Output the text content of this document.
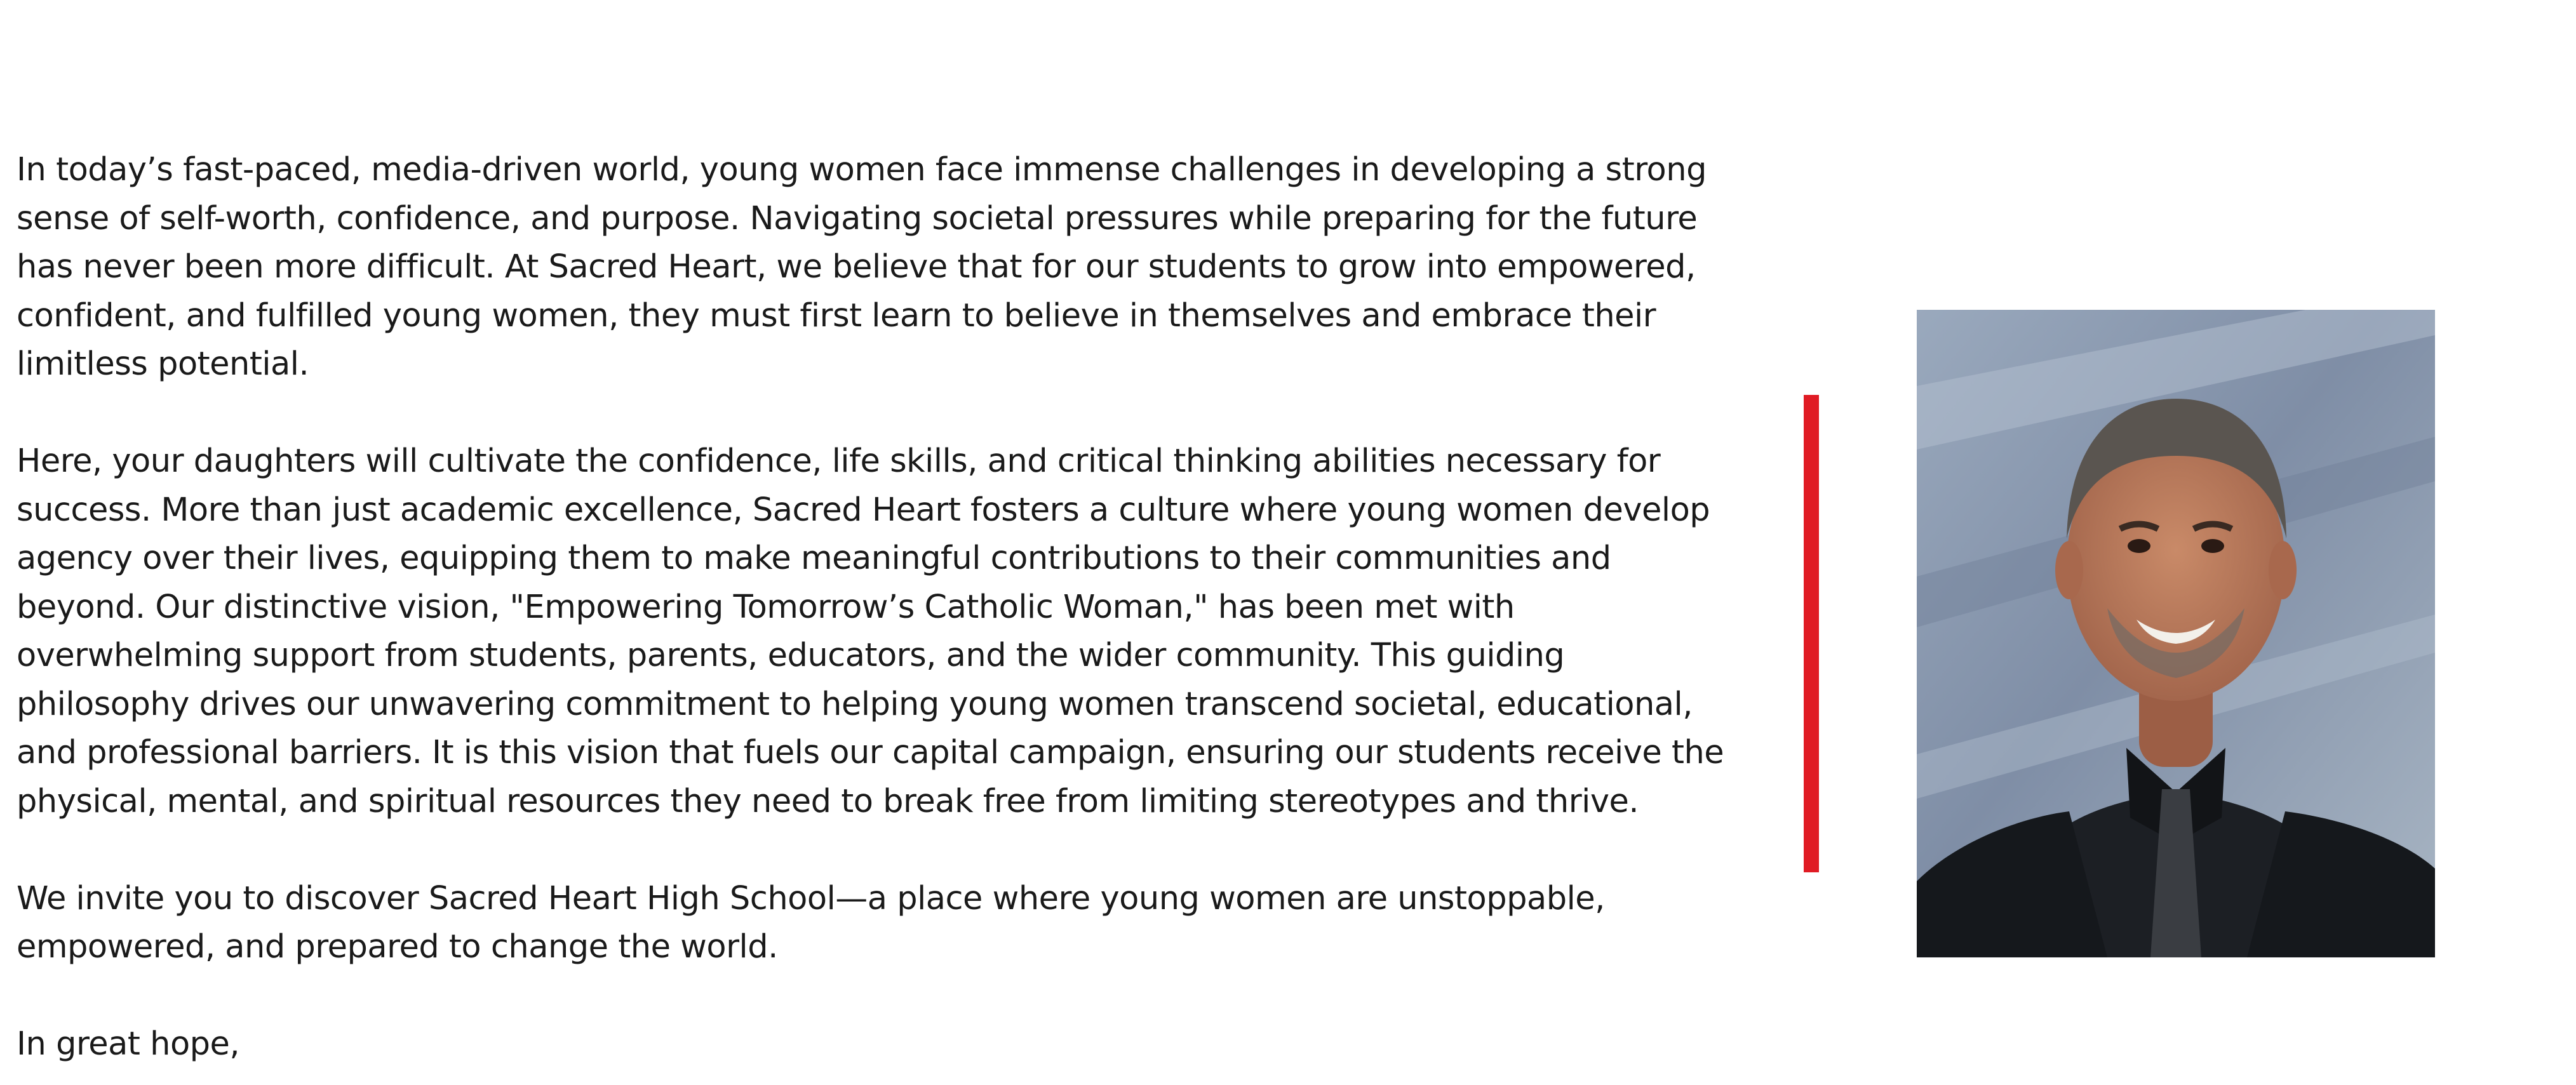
In today’s fast-paced, media-driven world, young women face immense challenges in developing a strong sense of self-worth, confidence, and purpose. Navigating societal pressures while preparing for the future has never been more difficult. At Sacred Heart, we believe that for our students to grow into empowered, confident, and fulfilled young women, they must first learn to believe in themselves and embrace their limitless potential.

Here, your daughters will cultivate the confidence, life skills, and critical thinking abilities necessary for success. More than just academic excellence, Sacred Heart fosters a culture where young women develop agency over their lives, equipping them to make meaningful contributions to their communities and beyond. Our distinctive vision, "Empowering Tomorrow’s Catholic Woman," has been met with overwhelming support from students, parents, educators, and the wider community. This guiding philosophy drives our unwavering commitment to helping young women transcend societal, educational, and professional barriers. It is this vision that fuels our capital campaign, ensuring our students receive the physical, mental, and spiritual resources they need to break free from limiting stereotypes and thrive.

We invite you to discover Sacred Heart High School—a place where young women are unstoppable, empowered, and prepared to change the world.

In great hope,
